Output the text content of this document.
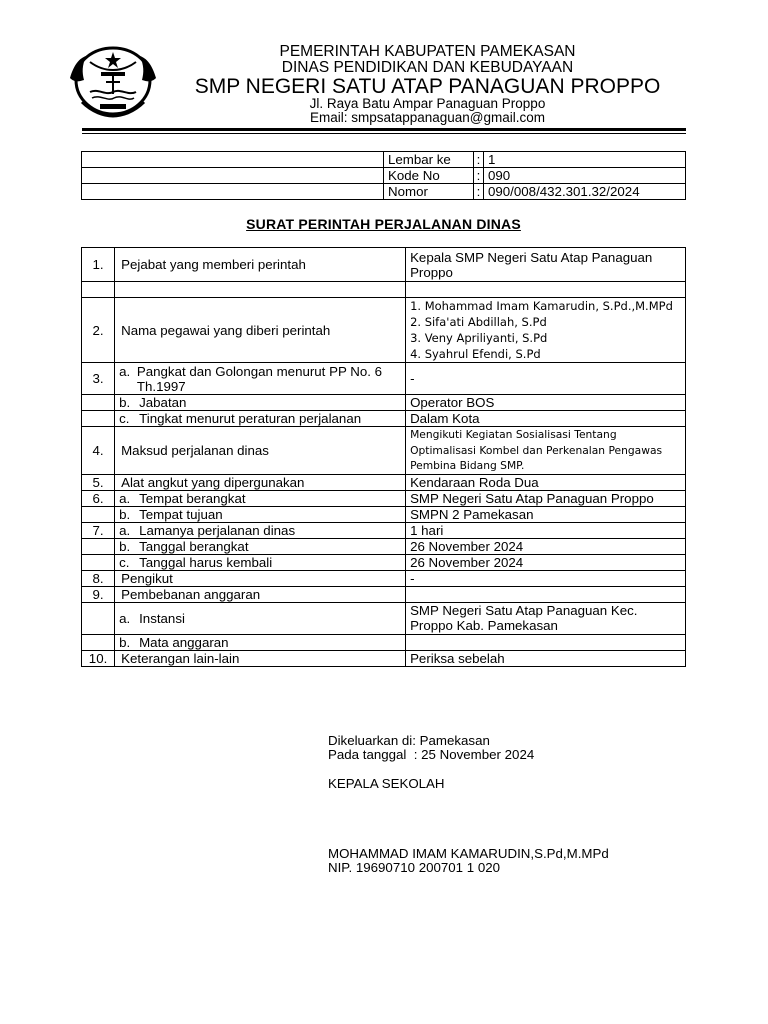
PEMERINTAH KABUPATEN PAMEKASAN
DINAS PENDIDIKAN DAN KEBUDAYAAN
SMP NEGERI SATU ATAP PANAGUAN PROPPO
Jl. Raya Batu Ampar Panaguan Proppo
Email: smpsatappanaguan@gmail.com
	Lembar ke	:	1
	Kode No	:	090
	Nomor	:	090/008/432.301.32/2024
SURAT PERINTAH PERJALANAN DINAS
1.	Pejabat yang memberi perintah	Kepala SMP Negeri Satu Atap Panaguan Proppo

2.	Nama pegawai yang diberi perintah	1. Mohammad Imam Kamarudin, S.Pd.,M.MPd
2. Sifa'ati Abdillah, S.Pd
3. Veny Apriliyanti, S.Pd
4. Syahrul Efendi, S.Pd

3.	a. Pangkat dan Golongan menurut PP No. 6 Th.1997	-
	b. Jabatan	Operator BOS
	c. Tingkat menurut peraturan perjalanan	Dalam Kota
4.	Maksud perjalanan dinas	Mengikuti Kegiatan Sosialisasi Tentang Optimalisasi Kombel dan Perkenalan Pengawas Pembina Bidang SMP.
5.	Alat angkut yang dipergunakan	Kendaraan Roda Dua
6.	a. Tempat berangkat	SMP Negeri Satu Atap Panaguan Proppo
	b. Tempat tujuan	SMPN 2 Pamekasan
7.	a. Lamanya perjalanan dinas	1 hari
	b. Tanggal berangkat	26 November 2024
	c. Tanggal harus kembali	26 November 2024
8.	Pengikut	-
9.	Pembebanan anggaran	
	a. Instansi	SMP Negeri Satu Atap Panaguan Kec. Proppo Kab. Pamekasan
	b. Mata anggaran	
10.	Keterangan lain-lain	Periksa sebelah
Dikeluarkan di: Pamekasan
Pada tanggal  : 25 November 2024
KEPALA SEKOLAH
MOHAMMAD IMAM KAMARUDIN,S.Pd,M.MPd
NIP. 19690710 200701 1 020
